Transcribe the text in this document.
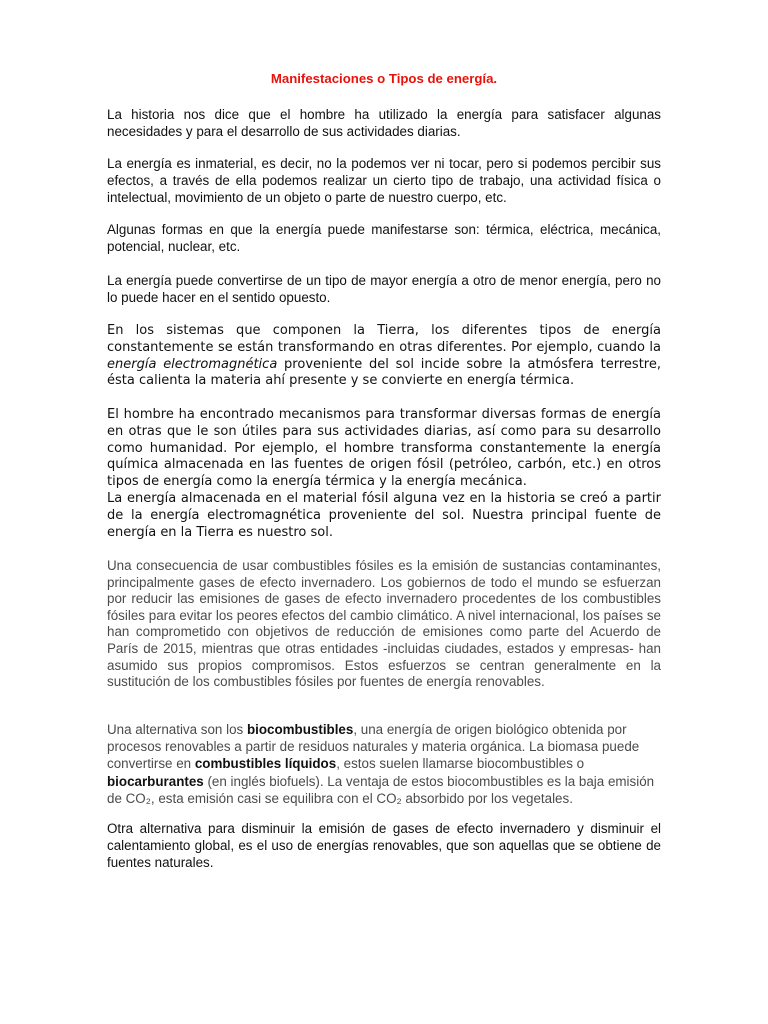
Manifestaciones o Tipos de energía.

La historia nos dice que el hombre ha utilizado la energía para satisfacer algunas necesidades y para el desarrollo de sus actividades diarias.

La energía es inmaterial, es decir, no la podemos ver ni tocar, pero si podemos percibir sus efectos, a través de ella podemos realizar un cierto tipo de trabajo, una actividad física o intelectual, movimiento de un objeto o parte de nuestro cuerpo, etc.

Algunas formas en que la energía puede manifestarse son: térmica, eléctrica, mecánica, potencial, nuclear, etc.

La energía puede convertirse de un tipo de mayor energía a otro de menor energía, pero no lo puede hacer en el sentido opuesto.

En los sistemas que componen la Tierra, los diferentes tipos de energía constantemente se están transformando en otras diferentes. Por ejemplo, cuando la energía electromagnética proveniente del sol incide sobre la atmósfera terrestre, ésta calienta la materia ahí presente y se convierte en energía térmica.

El hombre ha encontrado mecanismos para transformar diversas formas de energía en otras que le son útiles para sus actividades diarias, así como para su desarrollo como humanidad. Por ejemplo, el hombre transforma constantemente la energía química almacenada en las fuentes de origen fósil (petróleo, carbón, etc.) en otros tipos de energía como la energía térmica y la energía mecánica.
La energía almacenada en el material fósil alguna vez en la historia se creó a partir de la energía electromagnética proveniente del sol. Nuestra principal fuente de energía en la Tierra es nuestro sol.

Una consecuencia de usar combustibles fósiles es la emisión de sustancias contaminantes, principalmente gases de efecto invernadero. Los gobiernos de todo el mundo se esfuerzan por reducir las emisiones de gases de efecto invernadero procedentes de los combustibles fósiles para evitar los peores efectos del cambio climático. A nivel internacional, los países se han comprometido con objetivos de reducción de emisiones como parte del Acuerdo de París de 2015, mientras que otras entidades -incluidas ciudades, estados y empresas- han asumido sus propios compromisos. Estos esfuerzos se centran generalmente en la sustitución de los combustibles fósiles por fuentes de energía renovables.

Una alternativa son los biocombustibles, una energía de origen biológico obtenida por procesos renovables a partir de residuos naturales y materia orgánica. La biomasa puede convertirse en combustibles líquidos, estos suelen llamarse biocombustibles o biocarburantes (en inglés biofuels). La ventaja de estos biocombustibles es la baja emisión de CO₂, esta emisión casi se equilibra con el CO₂ absorbido por los vegetales.

Otra alternativa para disminuir la emisión de gases de efecto invernadero y disminuir el calentamiento global, es el uso de energías renovables, que son aquellas que se obtiene de fuentes naturales.
